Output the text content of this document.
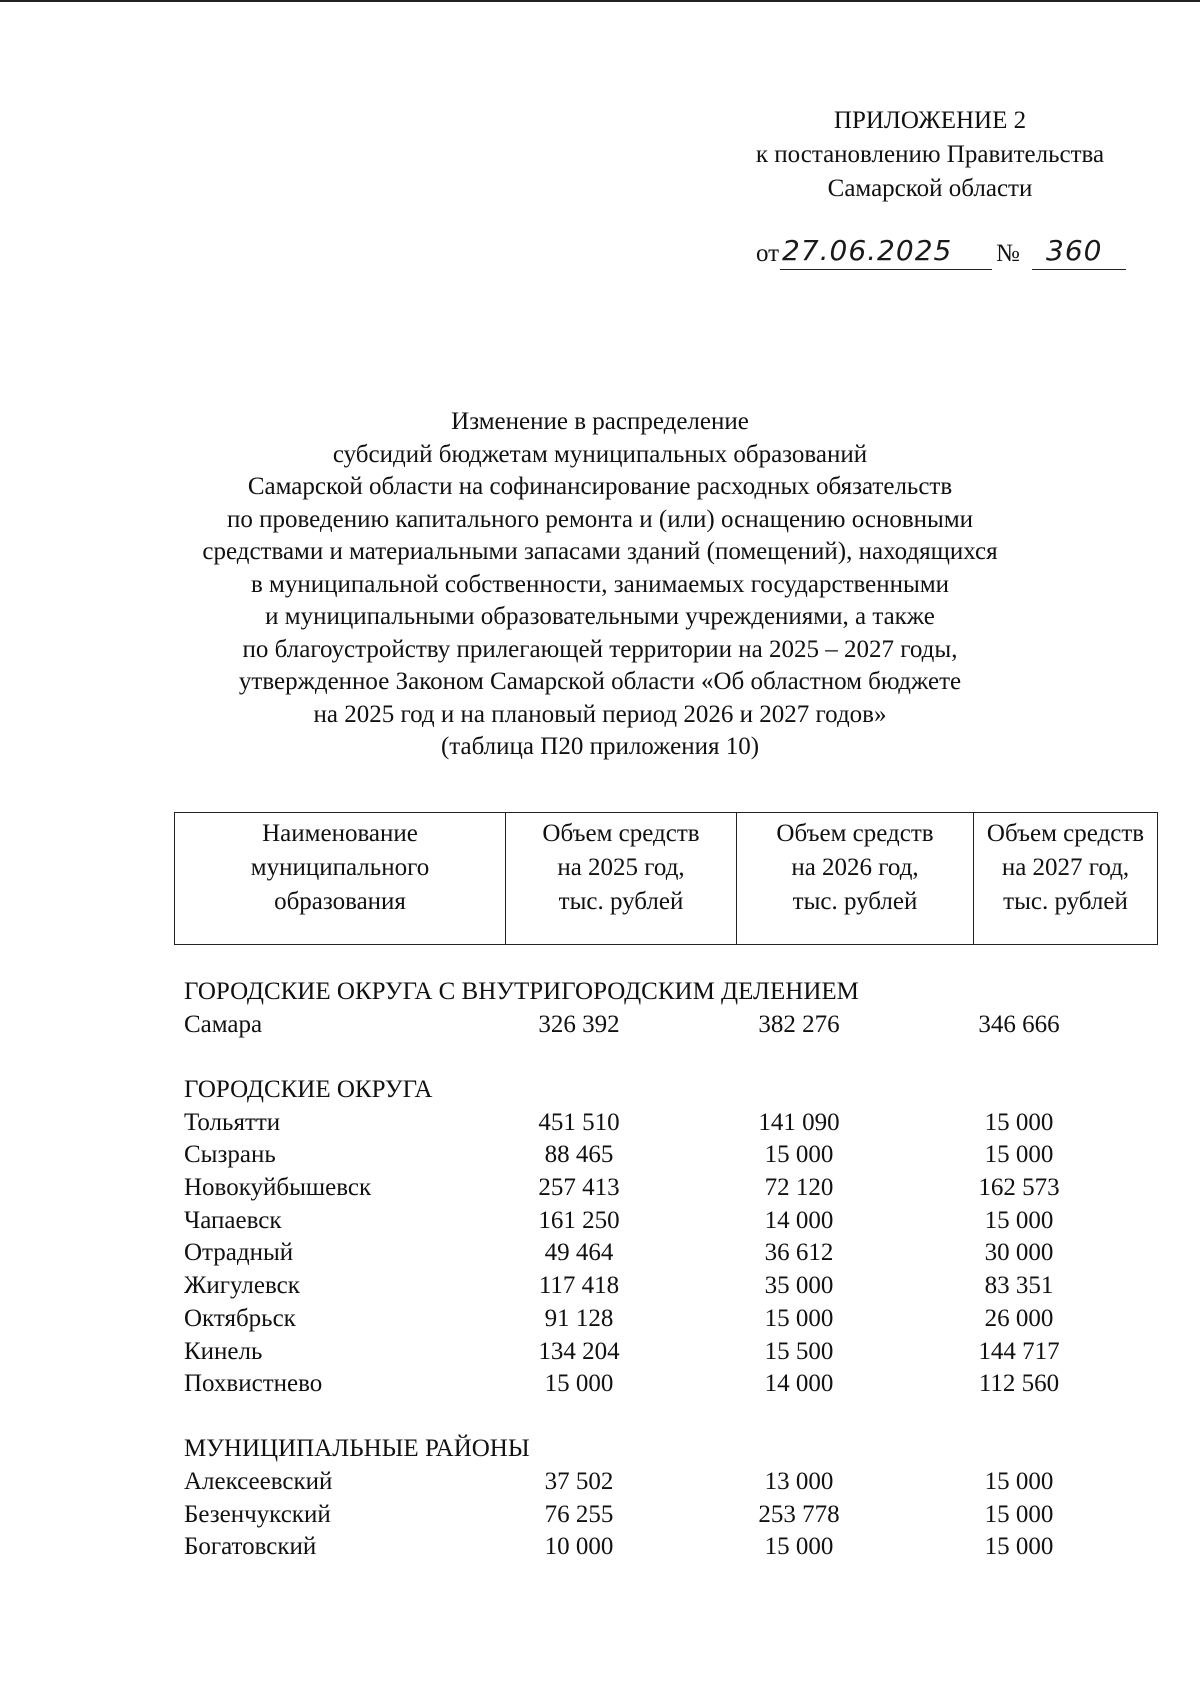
ПРИЛОЖЕНИЕ 2
к постановлению Правительства
Самарской области
от 27.06.2025 № 360
Изменение в распределение
субсидий бюджетам муниципальных образований
Самарской области на софинансирование расходных обязательств
по проведению капитального ремонта и (или) оснащению основными
средствами и материальными запасами зданий (помещений), находящихся
в муниципальной собственности, занимаемых государственными
и муниципальными образовательными учреждениями, а также
по благоустройству прилегающей территории на 2025 – 2027 годы,
утвержденное Законом Самарской области «Об областном бюджете
на 2025 год и на плановый период 2026 и 2027 годов»
(таблица П20 приложения 10)
Наименование
муниципального
образования

Объем средств
на 2025 год,
тыс. рублей

Объем средств
на 2026 год,
тыс. рублей

Объем средств
на 2027 год,
тыс. рублей
ГОРОДСКИЕ ОКРУГА С ВНУТРИГОРОДСКИМ ДЕЛЕНИЕМ
Самара	326 392	382 276	346 666
ГОРОДСКИЕ ОКРУГА
Тольятти	451 510	141 090	15 000
Сызрань	88 465	15 000	15 000
Новокуйбышевск	257 413	72 120	162 573
Чапаевск	161 250	14 000	15 000
Отрадный	49 464	36 612	30 000
Жигулевск	117 418	35 000	83 351
Октябрьск	91 128	15 000	26 000
Кинель	134 204	15 500	144 717
Похвистнево	15 000	14 000	112 560
МУНИЦИПАЛЬНЫЕ РАЙОНЫ
Алексеевский	37 502	13 000	15 000
Безенчукский	76 255	253 778	15 000
Богатовский	10 000	15 000	15 000
